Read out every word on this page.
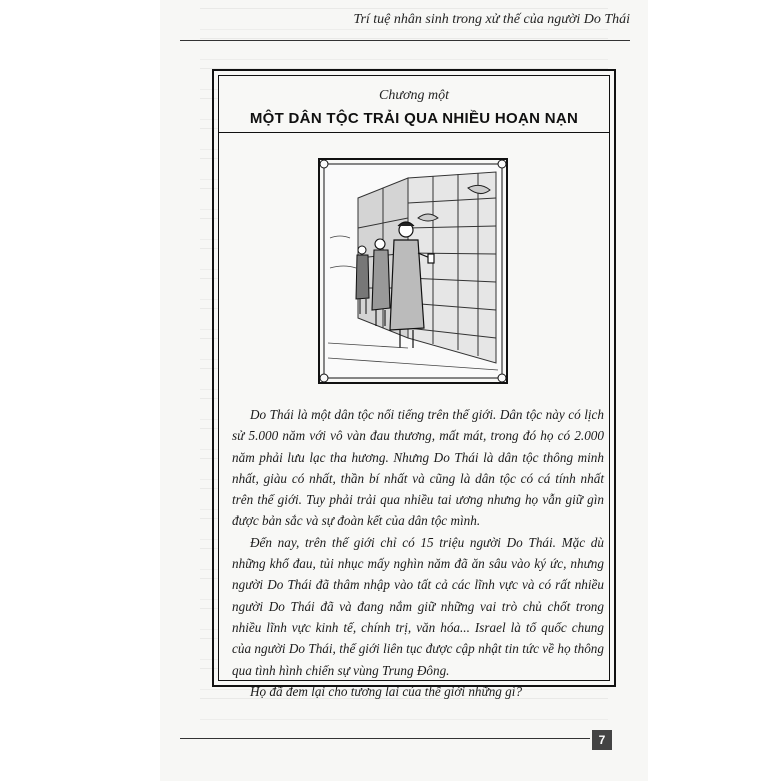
Trí tuệ nhân sinh trong xử thế của người Do Thái
Chương một
MỘT DÂN TỘC TRẢI QUA NHIỀU HOẠN NẠN

Do Thái là một dân tộc nổi tiếng trên thế giới. Dân tộc này có lịch sử 5.000 năm với vô vàn đau thương, mất mát, trong đó họ có 2.000 năm phải lưu lạc tha hương. Nhưng Do Thái là dân tộc thông minh nhất, giàu có nhất, thần bí nhất và cũng là dân tộc có cá tính nhất trên thế giới. Tuy phải trải qua nhiều tai ương nhưng họ vẫn giữ gìn được bản sắc và sự đoàn kết của dân tộc mình.

Đến nay, trên thế giới chỉ có 15 triệu người Do Thái. Mặc dù những khổ đau, tủi nhục mấy nghìn năm đã ăn sâu vào ký ức, nhưng người Do Thái đã thâm nhập vào tất cả các lĩnh vực và có rất nhiều người Do Thái đã và đang nắm giữ những vai trò chủ chốt trong nhiều lĩnh vực kinh tế, chính trị, văn hóa... Israel là tổ quốc chung của người Do Thái, thế giới liên tục được cập nhật tin tức về họ thông qua tình hình chiến sự vùng Trung Đông.

Họ đã đem lại cho tương lai của thế giới những gì?

7
